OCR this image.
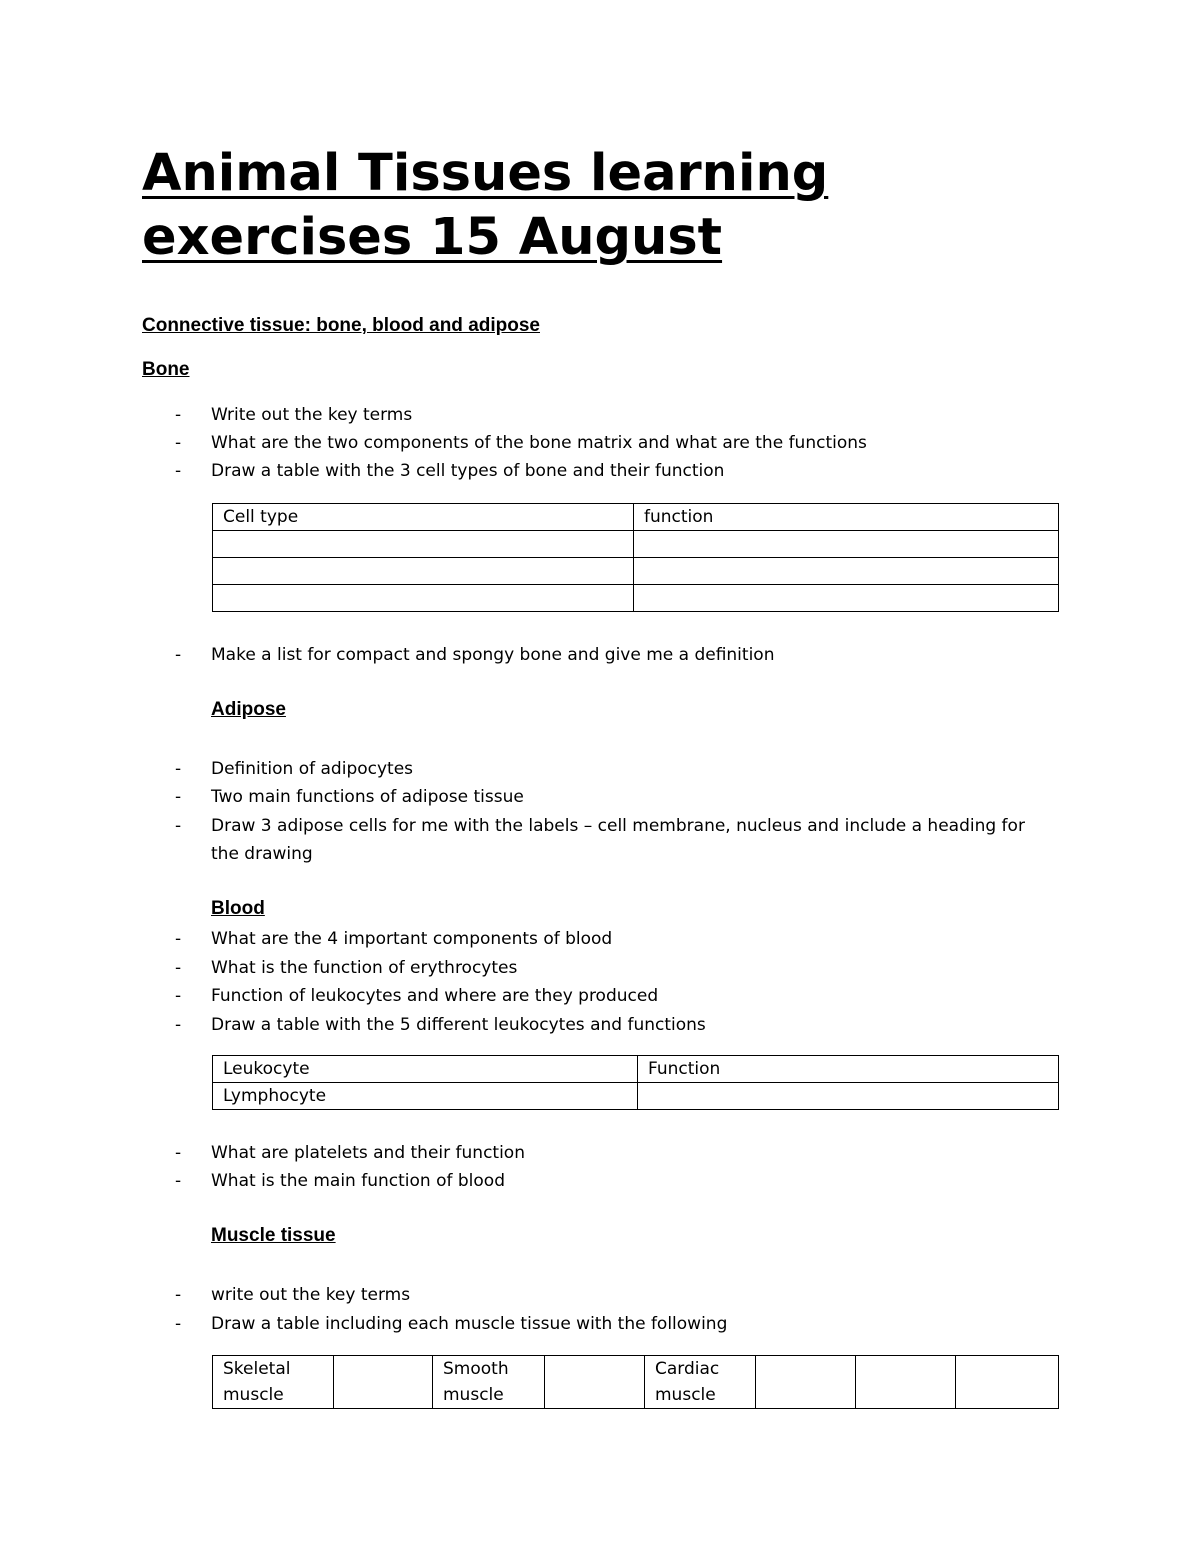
Animal Tissues learning
exercises 15 August
Connective tissue: bone, blood and adipose
Bone
- Write out the key terms
- What are the two components of the bone matrix and what are the functions
- Draw a table with the 3 cell types of bone and their function
Cell type	function

- Make a list for compact and spongy bone and give me a definition
Adipose
- Definition of adipocytes
- Two main functions of adipose tissue
-	Draw 3 adipose cells for me with the labels – cell membrane, nucleus and include a heading for the drawing
Blood
- What are the 4 important components of blood
- What is the function of erythrocytes
- Function of leukocytes and where are they produced
- Draw a table with the 5 different leukocytes and functions
Leukocyte	Function
Lymphocyte	
- What are platelets and their function
- What is the main function of blood
Muscle tissue
- write out the key terms
- Draw a table including each muscle tissue with the following
Skeletal muscle		Smooth muscle		Cardiac muscle			
